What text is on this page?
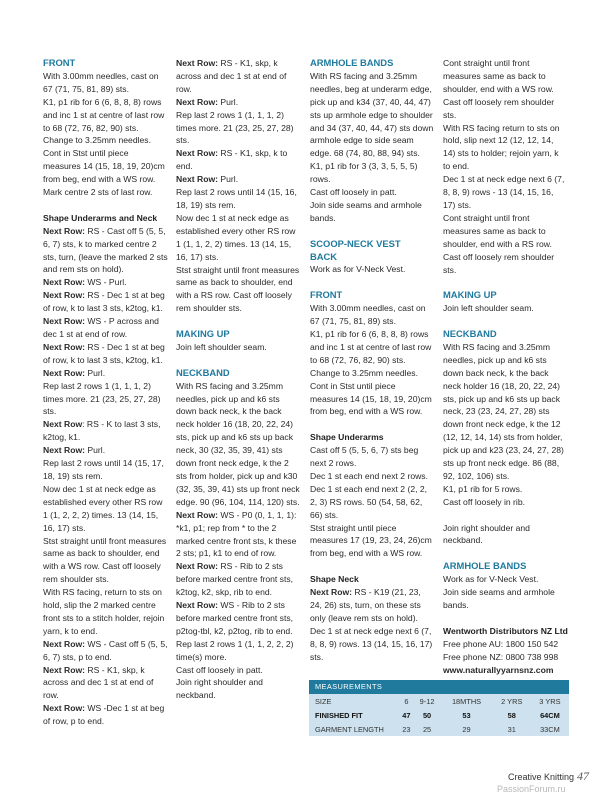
FRONT

With 3.00mm needles, cast on 67 (71, 75, 81, 89) sts.

K1, p1 rib for 6 (6, 8, 8, 8) rows and inc 1 st at centre of last row to 68 (72, 76, 82, 90) sts.

Change to 3.25mm needles.

Cont in Stst until piece measures 14 (15, 18, 19, 20)cm from beg, end with a WS row.

Mark centre 2 sts of last row.

Shape Underarms and Neck

Next Row: RS - Cast off 5 (5, 5, 6, 7) sts, k to marked centre 2 sts, turn, (leave the marked 2 sts and rem sts on hold).

Next Row: WS - Purl.

Next Row: RS - Dec 1 st at beg of row, k to last 3 sts, k2tog, k1.

Next Row: WS - P across and dec 1 st at end of row.

Next Row: RS - Dec 1 st at beg of row, k to last 3 sts, k2tog, k1.

Next Row: Purl.

Rep last 2 rows 1 (1, 1, 1, 2) times more. 21 (23, 25, 27, 28) sts.

Next Row: RS - K to last 3 sts, k2tog, k1.

Next Row: Purl.

Rep last 2 rows until 14 (15, 17, 18, 19) sts rem.

Now dec 1 st at neck edge as established every other RS row 1 (1, 2, 2, 2) times. 13 (14, 15, 16, 17) sts.

Stst straight until front measures same as back to shoulder, end with a WS row. Cast off loosely rem shoulder sts.

With RS facing, return to sts on hold, slip the 2 marked centre front sts to a stitch holder, rejoin yarn, k to end.

Next Row: WS - Cast off 5 (5, 5, 6, 7) sts, p to end.

Next Row: RS - K1, skp, k across and dec 1 st at end of row.

Next Row: WS -Dec 1 st at beg of row, p to end.

Next Row: RS - K1, skp, k across and dec 1 st at end of row.

Next Row: Purl.

Rep last 2 rows 1 (1, 1, 1, 2) times more. 21 (23, 25, 27, 28) sts.

Next Row: RS - K1, skp, k to end.

Next Row: Purl.

Rep last 2 rows until 14 (15, 16, 18, 19) sts rem.

Now dec 1 st at neck edge as established every other RS row 1 (1, 1, 2, 2) times. 13 (14, 15, 16, 17) sts.

Stst straight until front measures same as back to shoulder, end with a RS row. Cast off loosely rem shoulder sts.

MAKING UP

Join left shoulder seam.

NECKBAND

With RS facing and 3.25mm needles, pick up and k6 sts down back neck, k the back neck holder 16 (18, 20, 22, 24) sts, pick up and k6 sts up back neck, 30 (32, 35, 39, 41) sts down front neck edge, k the 2 sts from holder, pick up and k30 (32, 35, 39, 41) sts up front neck edge. 90 (96, 104, 114, 120) sts.

Next Row: WS - P0 (0, 1, 1, 1): *k1, p1; rep from * to the 2 marked centre front sts, k these 2 sts; p1, k1 to end of row.

Next Row: RS - Rib to 2 sts before marked centre front sts, k2tog, k2, skp, rib to end.

Next Row: WS - Rib to 2 sts before marked centre front sts, p2tog-tbl, k2, p2tog, rib to end.

Rep last 2 rows 1 (1, 1, 2, 2, 2) time(s) more.

Cast off loosely in patt.

Join right shoulder and neckband.

ARMHOLE BANDS

With RS facing and 3.25mm needles, beg at underarm edge, pick up and k34 (37, 40, 44, 47) sts up armhole edge to shoulder and 34 (37, 40, 44, 47) sts down armhole edge to side seam edge. 68 (74, 80, 88, 94) sts.

K1, p1 rib for 3 (3, 3, 5, 5, 5) rows.

Cast off loosely in patt.

Join side seams and armhole bands.

SCOOP-NECK VEST

BACK

Work as for V-Neck Vest.

FRONT

With 3.00mm needles, cast on 67 (71, 75, 81, 89) sts.

K1, p1 rib for 6 (6, 8, 8, 8) rows and inc 1 st at centre of last row to 68 (72, 76, 82, 90) sts.

Change to 3.25mm needles.

Cont in Stst until piece measures 14 (15, 18, 19, 20)cm from beg, end with a WS row.

Shape Underarms

Cast off 5 (5, 5, 6, 7) sts beg next 2 rows.

Dec 1 st each end next 2 rows.

Dec 1 st each end next 2 (2, 2, 2, 3) RS rows. 50 (54, 58, 62, 66) sts.

Stst straight until piece measures 17 (19, 23, 24, 26)cm from beg, end with a WS row.

Shape Neck

Next Row: RS - K19 (21, 23, 24, 26) sts, turn, on these sts only (leave rem sts on hold).

Dec 1 st at neck edge next 6 (7, 8, 8, 9) rows. 13 (14, 15, 16, 17) sts.

Cont straight until front measures same as back to shoulder, end with a WS row. Cast off loosely rem shoulder sts.

With RS facing return to sts on hold, slip next 12 (12, 12, 14, 14) sts to holder; rejoin yarn, k to end.

Dec 1 st at neck edge next 6 (7, 8, 8, 9) rows - 13 (14, 15, 16, 17) sts.

Cont straight until front measures same as back to shoulder, end with a RS row. Cast off loosely rem shoulder sts.

MAKING UP

Join left shoulder seam.

NECKBAND

With RS facing and 3.25mm needles, pick up and k6 sts down back neck, k the back neck holder 16 (18, 20, 22, 24) sts, pick up and k6 sts up back neck, 23 (23, 24, 27, 28) sts down front neck edge, k the 12 (12, 12, 14, 14) sts from holder, pick up and k23 (23, 24, 27, 28) sts up front neck edge. 86 (88, 92, 102, 106) sts.

K1, p1 rib for 5 rows.

Cast off loosely in rib.

Join right shoulder and neckband.

ARMHOLE BANDS

Work as for V-Neck Vest.

Join side seams and armhole bands.

Wentworth Distributors NZ Ltd

Free phone AU: 1800 150 542

Free phone NZ: 0800 738 998

www.naturallyyarnsnz.com

MEASUREMENTS
SIZE	6	9-12	18MTHS	2 YRS	3 YRS
FINISHED FIT	47	50	53	58	64CM
GARMENT LENGTH	23	25	29	31	33CM
Creative Knitting 47
PassionForum.ru
